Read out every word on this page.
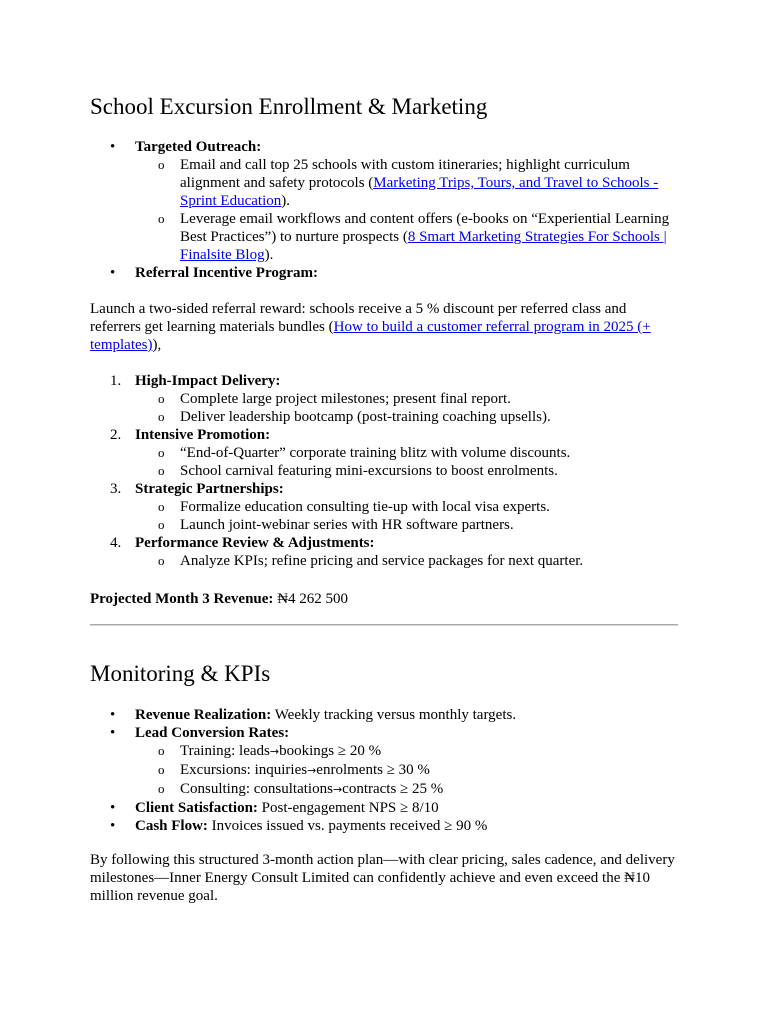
School Excursion Enrollment & Marketing
•	Targeted Outreach:
o Email and call top 25 schools with custom itineraries; highlight curriculum alignment and safety protocols (Marketing Trips, Tours, and Travel to Schools - Sprint Education).
o Leverage email workflows and content offers (e-books on “Experiential Learning Best Practices”) to nurture prospects (8 Smart Marketing Strategies For Schools | Finalsite Blog).
•	Referral Incentive Program:

Launch a two-sided referral reward: schools receive a 5 % discount per referred class and referrers get learning materials bundles (How to build a customer referral program in 2025 (+ templates)),

1. High-Impact Delivery:
o Complete large project milestones; present final report.
o Deliver leadership bootcamp (post-training coaching upsells).
2. Intensive Promotion:
o “End-of-Quarter” corporate training blitz with volume discounts.
o School carnival featuring mini-excursions to boost enrolments.
3. Strategic Partnerships:
o Formalize education consulting tie-up with local visa experts.
o Launch joint-webinar series with HR software partners.
4. Performance Review & Adjustments:
o Analyze KPIs; refine pricing and service packages for next quarter.

Projected Month 3 Revenue: ₦4 262 500

Monitoring & KPIs
•	Revenue Realization: Weekly tracking versus monthly targets.
•	Lead Conversion Rates:
o Training: leads→bookings ≥ 20 %
o Excursions: inquiries→enrolments ≥ 30 %
o Consulting: consultations→contracts ≥ 25 %
•	Client Satisfaction: Post-engagement NPS ≥ 8/10
•	Cash Flow: Invoices issued vs. payments received ≥ 90 %

By following this structured 3-month action plan—with clear pricing, sales cadence, and delivery milestones—Inner Energy Consult Limited can confidently achieve and even exceed the ₦10 million revenue goal.
